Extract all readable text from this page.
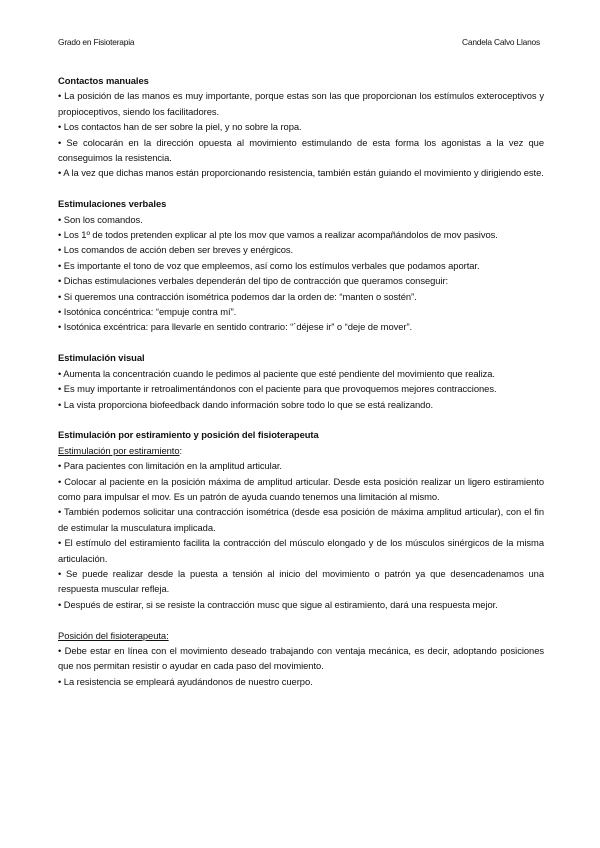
Grado en Fisioterapia	Candela Calvo Llanos
Contactos manuales

• La posición de las manos es muy importante, porque estas son las que proporcionan los estímulos exteroceptivos y propioceptivos, siendo los facilitadores.

• Los contactos han de ser sobre la piel, y no sobre la ropa.

• Se colocarán en la dirección opuesta al movimiento estimulando de esta forma los agonistas a la vez que conseguimos la resistencia.

• A la vez que dichas manos están proporcionando resistencia, también están guiando el movimiento y dirigiendo este.

Estimulaciones verbales

• Son los comandos.

• Los 1º de todos pretenden explicar al pte los mov que vamos a realizar acompañándolos de mov pasivos.

• Los comandos de acción deben ser breves y enérgicos.

• Es importante el tono de voz que empleemos, así como los estímulos verbales que podamos aportar.

• Dichas estimulaciones verbales dependerán del tipo de contracción que queramos conseguir:

• Si queremos una contracción isométrica podemos dar la orden de: “manten o sostén”.

• Isotónica concéntrica: “empuje contra mí”.

• Isotónica excéntrica: para llevarle en sentido contrario: “´déjese ir” o “deje de mover”.

Estimulación visual

• Aumenta la concentración cuando le pedimos al paciente que esté pendiente del movimiento que realiza.

• Es muy importante ir retroalimentándonos con el paciente para que provoquemos mejores contracciones.

• La vista proporciona biofeedback dando información sobre todo lo que se está realizando.

Estimulación por estiramiento y posición del fisioterapeuta
Estimulación por estiramiento:

• Para pacientes con limitación en la amplitud articular.

• Colocar al paciente en la posición máxima de amplitud articular. Desde esta posición realizar un ligero estiramiento como para impulsar el mov. Es un patrón de ayuda cuando tenemos una limitación al mismo.

• También podemos solicitar una contracción isométrica (desde esa posición de máxima amplitud articular), con el fin de estimular la musculatura implicada.

• El estímulo del estiramiento facilita la contracción del músculo elongado y de los músculos sinérgicos de la misma articulación.

• Se puede realizar desde la puesta a tensión al inicio del movimiento o patrón ya que desencadenamos una respuesta muscular refleja.

• Después de estirar, si se resiste la contracción musc que sigue al estiramiento, dará una respuesta mejor.

Posición del fisioterapeuta:

• Debe estar en línea con el movimiento deseado trabajando con ventaja mecánica, es decir, adoptando posiciones que nos permitan resistir o ayudar en cada paso del movimiento.

• La resistencia se empleará ayudándonos de nuestro cuerpo.
